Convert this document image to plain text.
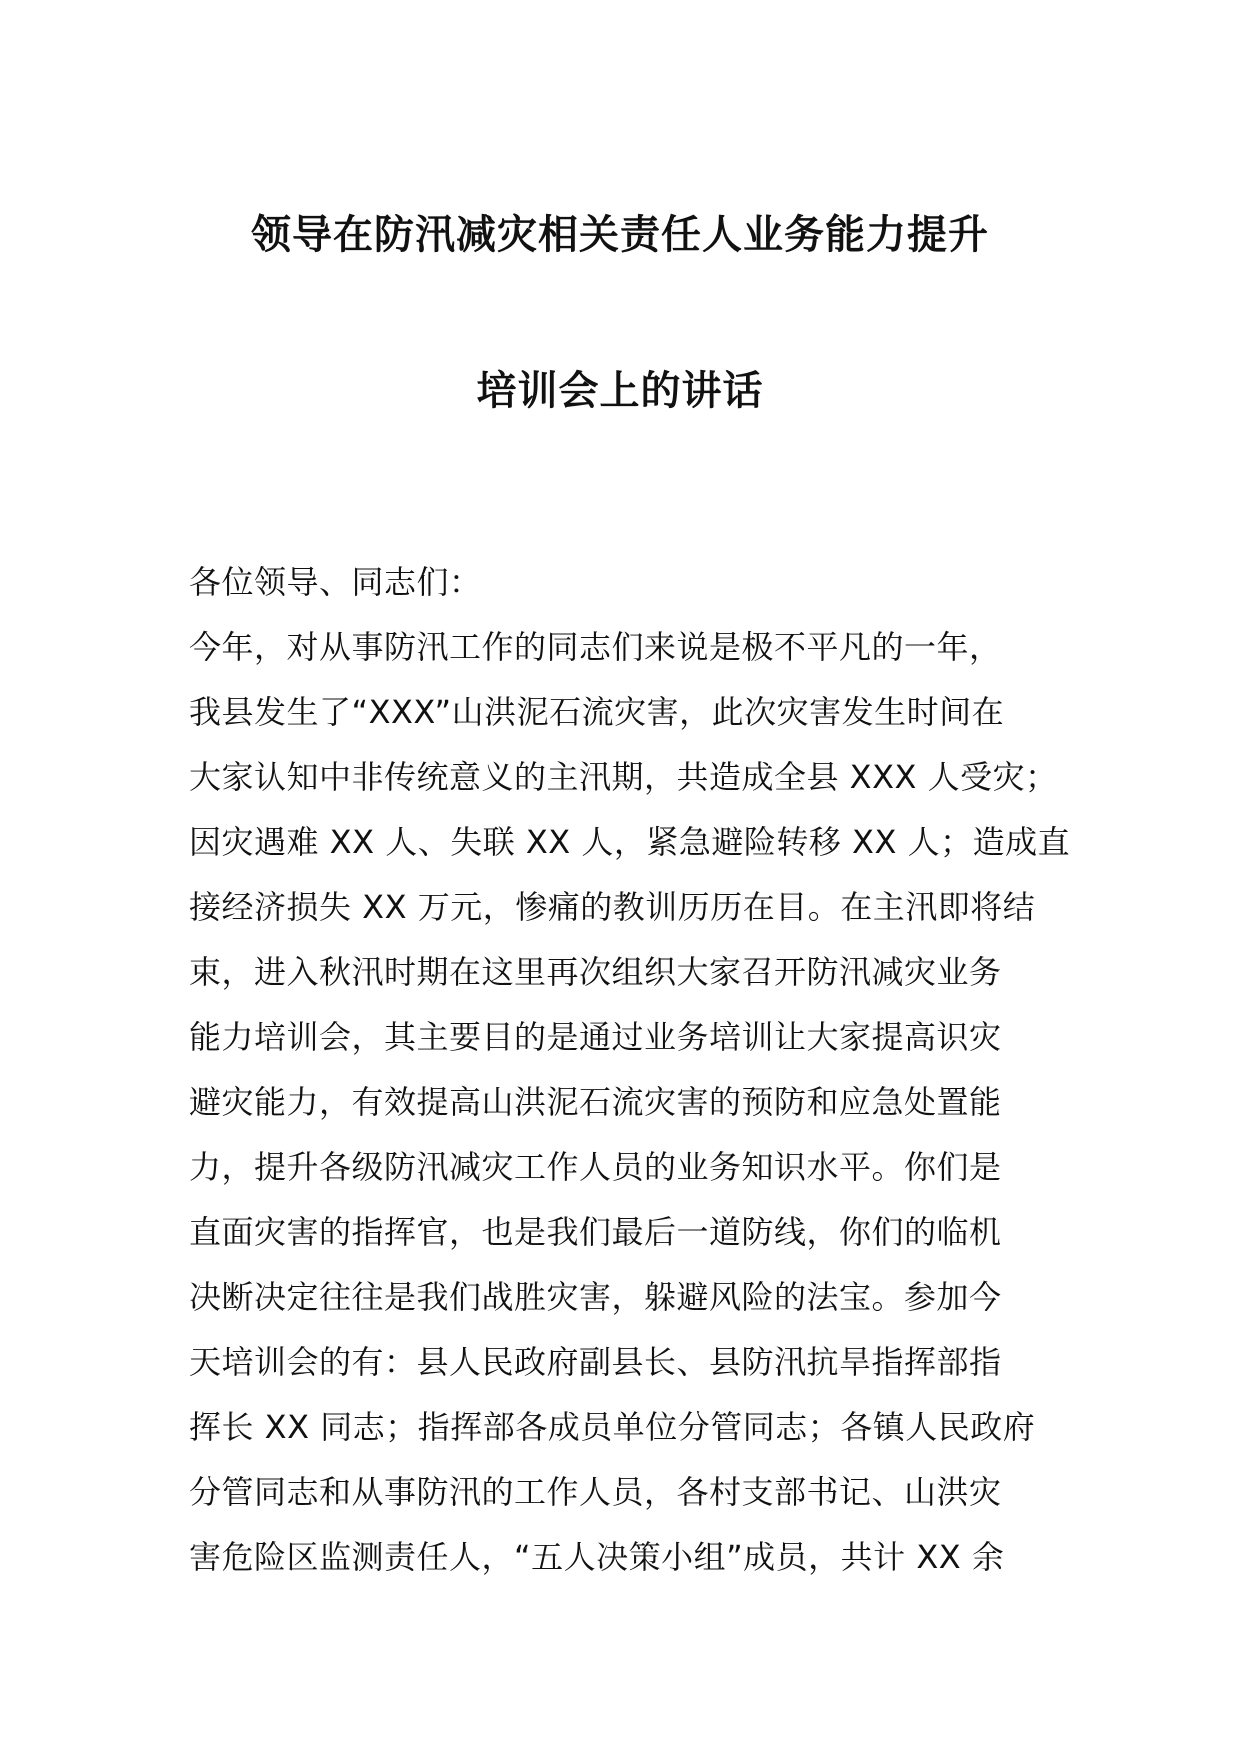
领导在防汛减灾相关责任人业务能力提升
培训会上的讲话
各位领导、同志们：
今年，对从事防汛工作的同志们来说是极不平凡的一年，
我县发生了“XXX”山洪泥石流灾害，此次灾害发生时间在
大家认知中非传统意义的主汛期，共造成全县 XXX 人受灾；
因灾遇难 XX 人、失联 XX 人，紧急避险转移 XX 人；造成直
接经济损失 XX 万元，惨痛的教训历历在目。在主汛即将结
束，进入秋汛时期在这里再次组织大家召开防汛减灾业务
能力培训会，其主要目的是通过业务培训让大家提高识灾
避灾能力，有效提高山洪泥石流灾害的预防和应急处置能
力，提升各级防汛减灾工作人员的业务知识水平。你们是
直面灾害的指挥官，也是我们最后一道防线，你们的临机
决断决定往往是我们战胜灾害，躲避风险的法宝。参加今
天培训会的有：县人民政府副县长、县防汛抗旱指挥部指
挥长 XX 同志；指挥部各成员单位分管同志；各镇人民政府
分管同志和从事防汛的工作人员，各村支部书记、山洪灾
害危险区监测责任人，“五人决策小组”成员，共计 XX 余
